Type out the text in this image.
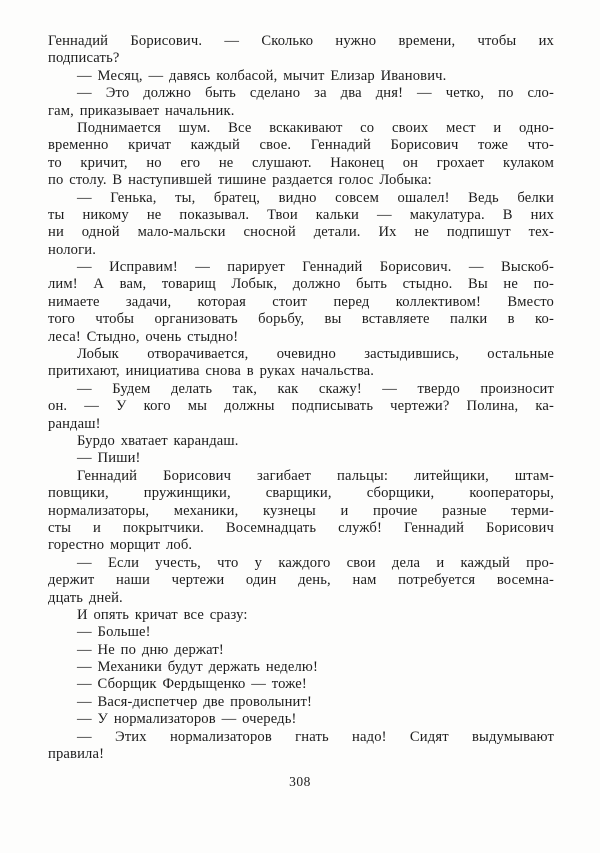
Геннадий Борисович. — Сколько нужно времени, чтобы их
подписать?
— Месяц, — давясь колбасой, мычит Елизар Иванович.
— Это должно быть сделано за два дня! — четко, по сло-
гам, приказывает начальник.
Поднимается шум. Все вскакивают со своих мест и одно-
временно кричат каждый свое. Геннадий Борисович тоже что-
то кричит, но его не слушают. Наконец он грохает кулаком
по столу. В наступившей тишине раздается голос Лобыка:
— Генька, ты, братец, видно совсем ошалел! Ведь белки
ты никому не показывал. Твои кальки — макулатура. В них
ни одной мало-мальски сносной детали. Их не подпишут тех-
нологи.
— Исправим! — парирует Геннадий Борисович. — Выскоб-
лим! А вам, товарищ Лобык, должно быть стыдно. Вы не по-
нимаете задачи, которая стоит перед коллективом! Вместо
того чтобы организовать борьбу, вы вставляете палки в ко-
леса! Стыдно, очень стыдно!
Лобык отворачивается, очевидно застыдившись, остальные
притихают, инициатива снова в руках начальства.
— Будем делать так, как скажу! — твердо произносит
он. — У кого мы должны подписывать чертежи? Полина, ка-
рандаш!
Бурдо хватает карандаш.
— Пиши!
Геннадий Борисович загибает пальцы: литейщики, штам-
повщики, пружинщики, сварщики, сборщики, кооператоры,
нормализаторы, механики, кузнецы и прочие разные терми-
сты и покрытчики. Восемнадцать служб! Геннадий Борисович
горестно морщит лоб.
— Если учесть, что у каждого свои дела и каждый про-
держит наши чертежи один день, нам потребуется восемна-
дцать дней.
И опять кричат все сразу:
— Больше!
— Не по дню держат!
— Механики будут держать неделю!
— Сборщик Фердыщенко — тоже!
— Вася-диспетчер две проволынит!
— У нормализаторов — очередь!
— Этих нормализаторов гнать надо! Сидят выдумывают
правила!
308
